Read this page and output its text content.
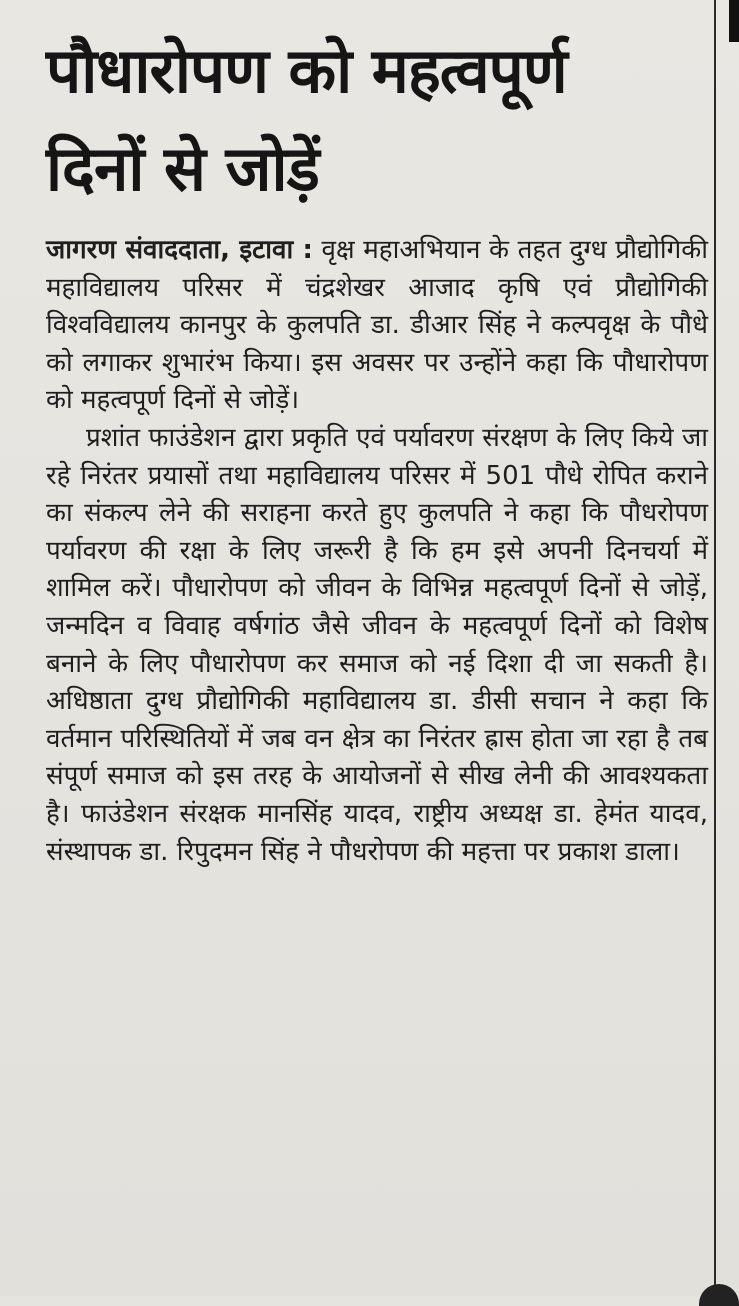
पौधारोपण को महत्वपूर्ण
दिनों से जोड़ें

जागरण संवाददाता, इटावा : वृक्ष महाअभियान के तहत दुग्ध प्रौद्योगिकी महाविद्यालय परिसर में चंद्रशेखर आजाद कृषि एवं प्रौद्योगिकी विश्वविद्यालय कानपुर के कुलपति डा. डीआर सिंह ने कल्पवृक्ष के पौधे को लगाकर शुभारंभ किया। इस अवसर पर उन्होंने कहा कि पौधारोपण को महत्वपूर्ण दिनों से जोड़ें।

प्रशांत फाउंडेशन द्वारा प्रकृति एवं पर्यावरण संरक्षण के लिए किये जा रहे निरंतर प्रयासों तथा महाविद्यालय परिसर में 501 पौधे रोपित कराने का संकल्प लेने की सराहना करते हुए कुलपति ने कहा कि पौधरोपण पर्यावरण की रक्षा के लिए जरूरी है कि हम इसे अपनी दिनचर्या में शामिल करें। पौधारोपण को जीवन के विभिन्न महत्वपूर्ण दिनों से जोड़ें, जन्मदिन व विवाह वर्षगांठ जैसे जीवन के महत्वपूर्ण दिनों को विशेष बनाने के लिए पौधारोपण कर समाज को नई दिशा दी जा सकती है। अधिष्ठाता दुग्ध प्रौद्योगिकी महाविद्यालय डा. डीसी सचान ने कहा कि वर्तमान परिस्थितियों में जब वन क्षेत्र का निरंतर ह्रास होता जा रहा है तब संपूर्ण समाज को इस तरह के आयोजनों से सीख लेनी की आवश्यकता है। फाउंडेशन संरक्षक मानसिंह यादव, राष्ट्रीय अध्यक्ष डा. हेमंत यादव, संस्थापक डा. रिपुदमन सिंह ने पौधरोपण की महत्ता पर प्रकाश डाला।
